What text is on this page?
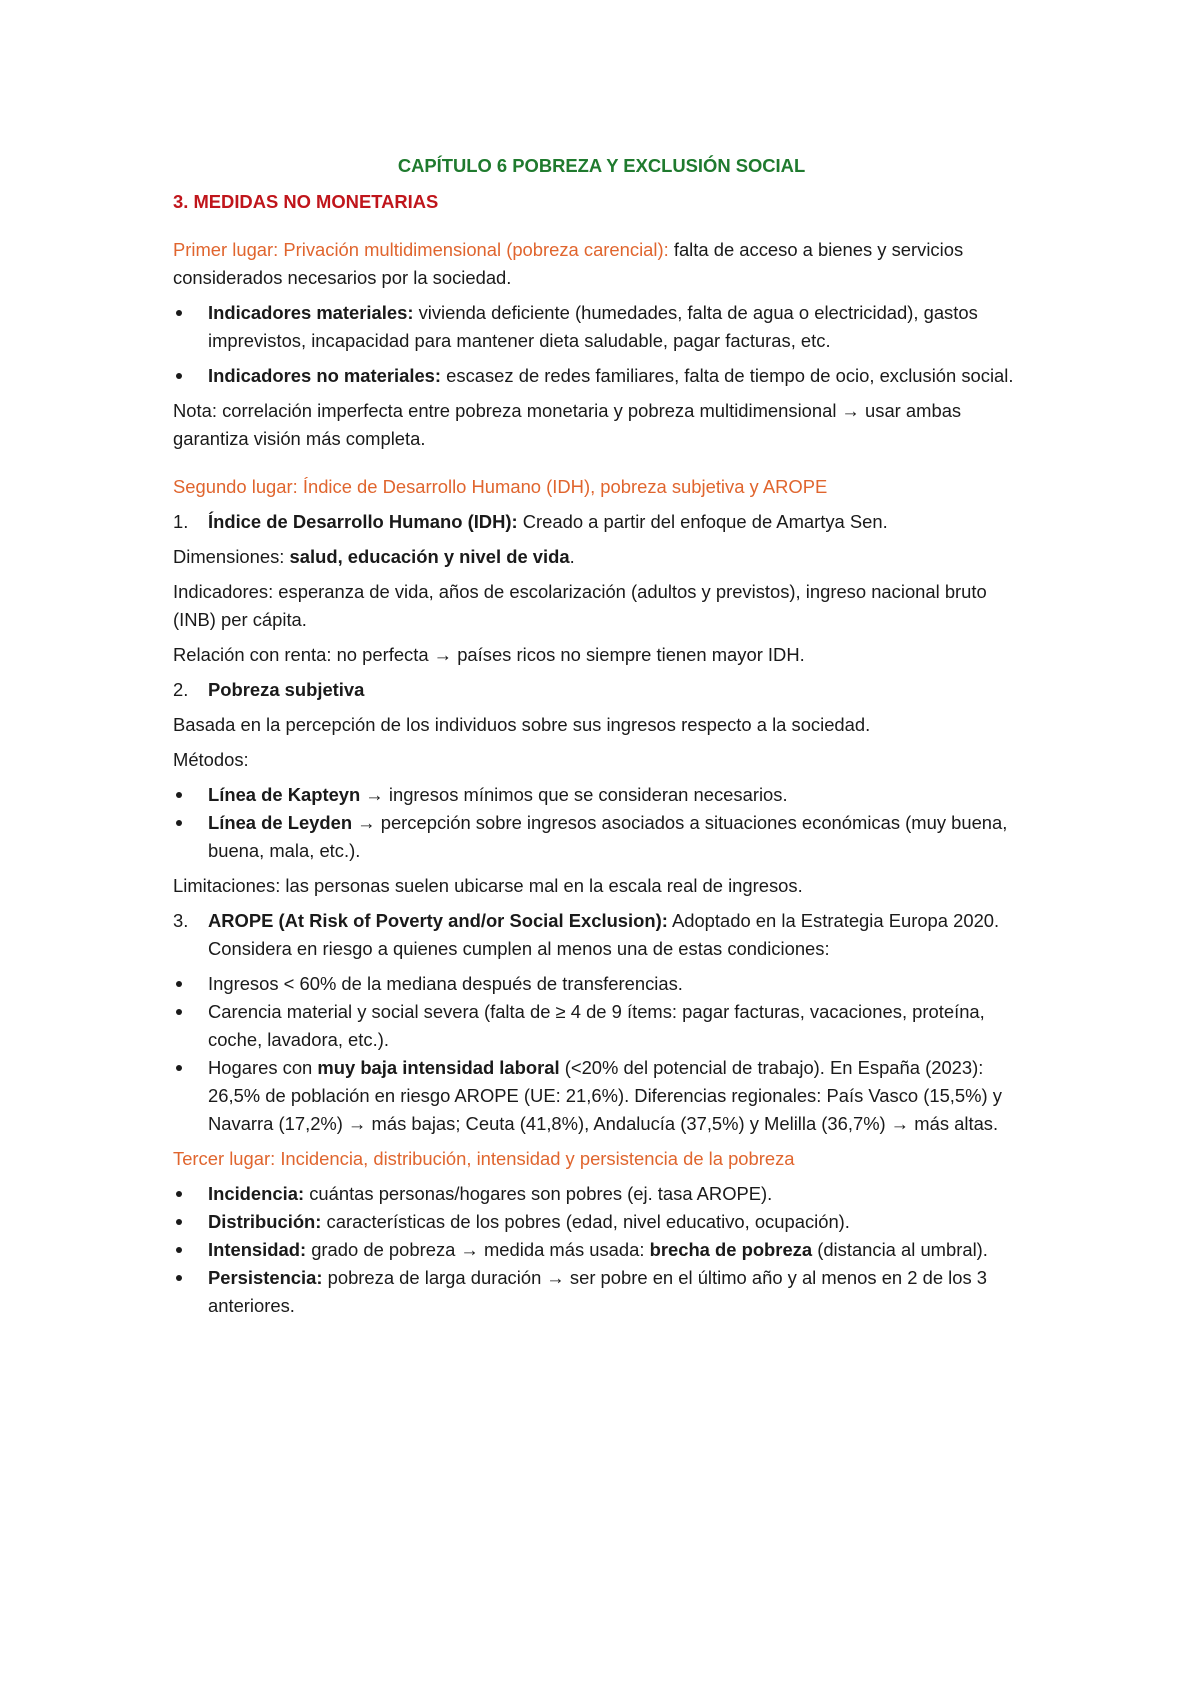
CAPÍTULO 6 POBREZA Y EXCLUSIÓN SOCIAL

3. MEDIDAS NO MONETARIAS

Primer lugar: Privación multidimensional (pobreza carencial): falta de acceso a bienes y servicios considerados necesarios por la sociedad.

Indicadores materiales: vivienda deficiente (humedades, falta de agua o electricidad), gastos imprevistos, incapacidad para mantener dieta saludable, pagar facturas, etc.
Indicadores no materiales: escasez de redes familiares, falta de tiempo de ocio, exclusión social.

Nota: correlación imperfecta entre pobreza monetaria y pobreza multidimensional → usar ambas garantiza visión más completa.

Segundo lugar: Índice de Desarrollo Humano (IDH), pobreza subjetiva y AROPE

1. Índice de Desarrollo Humano (IDH): Creado a partir del enfoque de Amartya Sen.

Dimensiones: salud, educación y nivel de vida.

Indicadores: esperanza de vida, años de escolarización (adultos y previstos), ingreso nacional bruto (INB) per cápita.

Relación con renta: no perfecta → países ricos no siempre tienen mayor IDH.

2. Pobreza subjetiva

Basada en la percepción de los individuos sobre sus ingresos respecto a la sociedad.

Métodos:

Línea de Kapteyn → ingresos mínimos que se consideran necesarios.
Línea de Leyden → percepción sobre ingresos asociados a situaciones económicas (muy buena, buena, mala, etc.).

Limitaciones: las personas suelen ubicarse mal en la escala real de ingresos.

3. AROPE (At Risk of Poverty and/or Social Exclusion): Adoptado en la Estrategia Europa 2020. Considera en riesgo a quienes cumplen al menos una de estas condiciones:
Ingresos < 60% de la mediana después de transferencias.
Carencia material y social severa (falta de ≥ 4 de 9 ítems: pagar facturas, vacaciones, proteína, coche, lavadora, etc.).
Hogares con muy baja intensidad laboral (<20% del potencial de trabajo). En España (2023): 26,5% de población en riesgo AROPE (UE: 21,6%). Diferencias regionales: País Vasco (15,5%) y Navarra (17,2%) → más bajas; Ceuta (41,8%), Andalucía (37,5%) y Melilla (36,7%) → más altas.

Tercer lugar: Incidencia, distribución, intensidad y persistencia de la pobreza

Incidencia: cuántas personas/hogares son pobres (ej. tasa AROPE).
Distribución: características de los pobres (edad, nivel educativo, ocupación).
Intensidad: grado de pobreza → medida más usada: brecha de pobreza (distancia al umbral).
Persistencia: pobreza de larga duración → ser pobre en el último año y al menos en 2 de los 3 anteriores.
